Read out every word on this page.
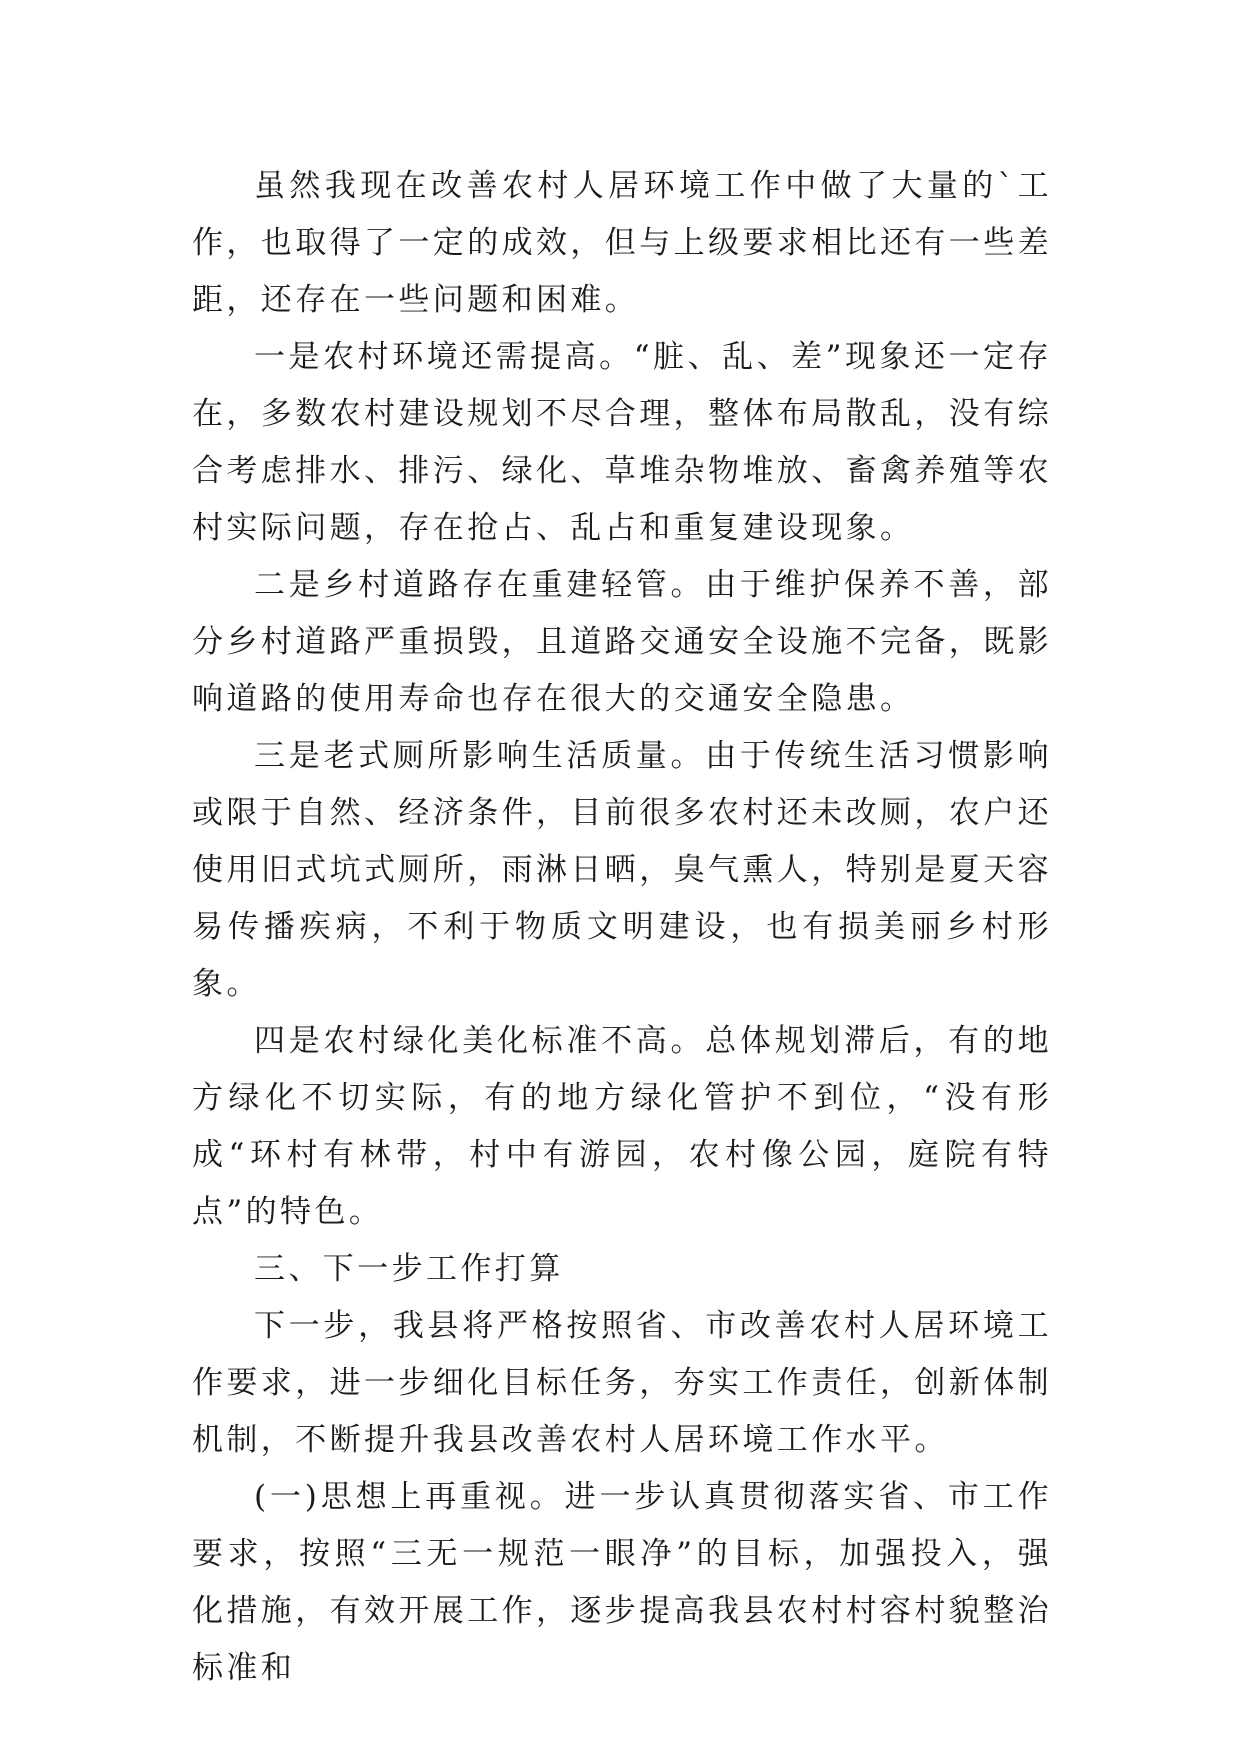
虽然我现在改善农村人居环境工作中做了大量的`工作，也取得了一定的成效，但与上级要求相比还有一些差距，还存在一些问题和困难。

一是农村环境还需提高。“脏、乱、差”现象还一定存在，多数农村建设规划不尽合理，整体布局散乱，没有综合考虑排水、排污、绿化、草堆杂物堆放、畜禽养殖等农村实际问题，存在抢占、乱占和重复建设现象。

二是乡村道路存在重建轻管。由于维护保养不善，部分乡村道路严重损毁，且道路交通安全设施不完备，既影响道路的使用寿命也存在很大的交通安全隐患。

三是老式厕所影响生活质量。由于传统生活习惯影响或限于自然、经济条件，目前很多农村还未改厕，农户还使用旧式坑式厕所，雨淋日晒，臭气熏人，特别是夏天容易传播疾病，不利于物质文明建设，也有损美丽乡村形象。

四是农村绿化美化标准不高。总体规划滞后，有的地方绿化不切实际，有的地方绿化管护不到位，“没有形成“环村有林带，村中有游园，农村像公园，庭院有特点”的特色。

三、下一步工作打算

下一步，我县将严格按照省、市改善农村人居环境工作要求，进一步细化目标任务，夯实工作责任，创新体制机制，不断提升我县改善农村人居环境工作水平。

(一)思想上再重视。进一步认真贯彻落实省、市工作要求，按照“三无一规范一眼净”的目标，加强投入，强化措施，有效开展工作，逐步提高我县农村村容村貌整治标准和
